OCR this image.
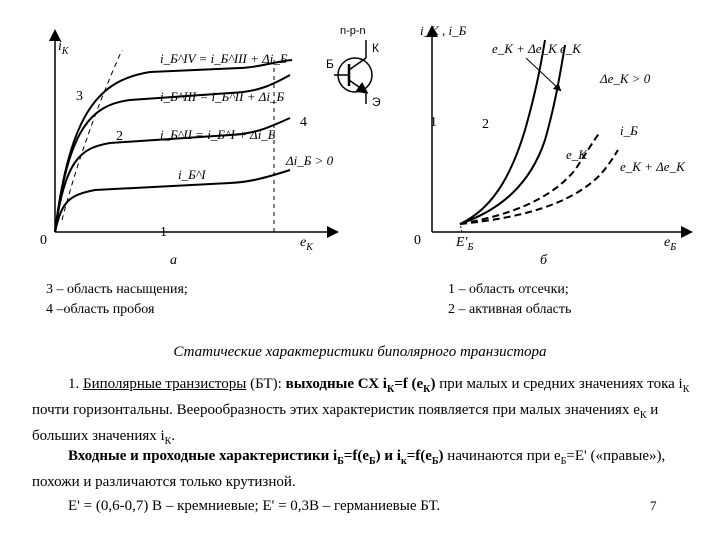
$i_К$
0	$e_К$
3
2
4
1
i_Б^IV = i_Б^III + Δi_Б
i_Б^III = i_Б^II + Δi_Б
i_Б^II = i_Б^I + Δi_Б
i_Б^I
Δi_Б > 0
а
n-p-n
К
Б
Э
i_К , i_Б
e_К + Δe_К e_К
Δe_К > 0
1	2	i_Б
e_К
e_К + Δe_К
0	$E'_Б$	$e_Б$
б
3 – область насыщения;
4 –область пробоя
1 – область отсечки;
2 – активная область
Статические характеристики биполярного транзистора
1. Биполярные транзисторы (БТ): выходные СХ $i_К=f$ $(e_К)$ при малых и средних значениях тока $i_К$ почти горизонтальны. Веерообразность этих характеристик появляется при малых значениях $e_К$ и больших значениях $i_К$.
Входные и проходные характеристики $i_Б=f(e_Б)$ и $i_к=f(e_Б)$ начинаются при $e_Б=E'$ («правые»), похожи и различаются только крутизной.
E' = (0,6-0,7) В – кремниевые; E' = 0,3В – германиевые БТ.	7
